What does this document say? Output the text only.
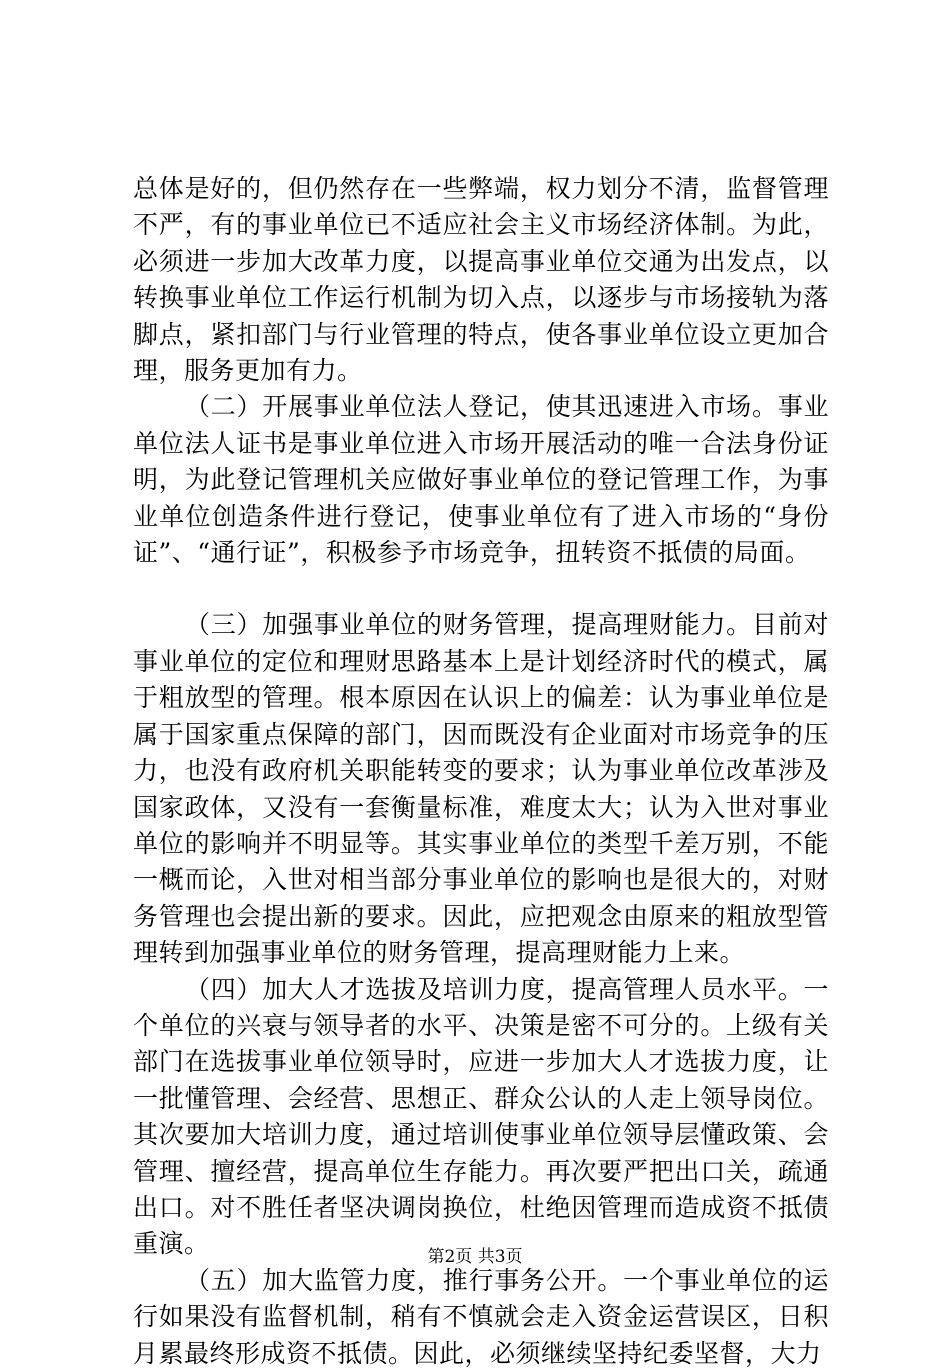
总体是好的，但仍然存在一些弊端，权力划分不清，监督管理不严，有的事业单位已不适应社会主义市场经济体制。为此，必须进一步加大改革力度，以提高事业单位交通为出发点，以转换事业单位工作运行机制为切入点，以逐步与市场接轨为落脚点，紧扣部门与行业管理的特点，使各事业单位设立更加合理，服务更加有力。

（二）开展事业单位法人登记，使其迅速进入市场。事业单位法人证书是事业单位进入市场开展活动的唯一合法身份证明，为此登记管理机关应做好事业单位的登记管理工作，为事业单位创造条件进行登记，使事业单位有了进入市场的“身份证”、“通行证”，积极参予市场竞争，扭转资不抵债的局面。

（三）加强事业单位的财务管理，提高理财能力。目前对事业单位的定位和理财思路基本上是计划经济时代的模式，属于粗放型的管理。根本原因在认识上的偏差：认为事业单位是属于国家重点保障的部门，因而既没有企业面对市场竞争的压力，也没有政府机关职能转变的要求；认为事业单位改革涉及国家政体，又没有一套衡量标准，难度太大；认为入世对事业单位的影响并不明显等。其实事业单位的类型千差万别，不能一概而论，入世对相当部分事业单位的影响也是很大的，对财务管理也会提出新的要求。因此，应把观念由原来的粗放型管理转到加强事业单位的财务管理，提高理财能力上来。

（四）加大人才选拔及培训力度，提高管理人员水平。一个单位的兴衰与领导者的水平、决策是密不可分的。上级有关部门在选拔事业单位领导时，应进一步加大人才选拔力度，让一批懂管理、会经营、思想正、群众公认的人走上领导岗位。其次要加大培训力度，通过培训使事业单位领导层懂政策、会管理、擅经营，提高单位生存能力。再次要严把出口关，疏通出口。对不胜任者坚决调岗换位，杜绝因管理而造成资不抵债重演。

（五）加大监管力度，推行事务公开。一个事业单位的运行如果没有监督机制，稍有不慎就会走入资金运营误区，日积月累最终形成资不抵债。因此，必须继续坚持纪委坚督，大力

第2页 共3页
